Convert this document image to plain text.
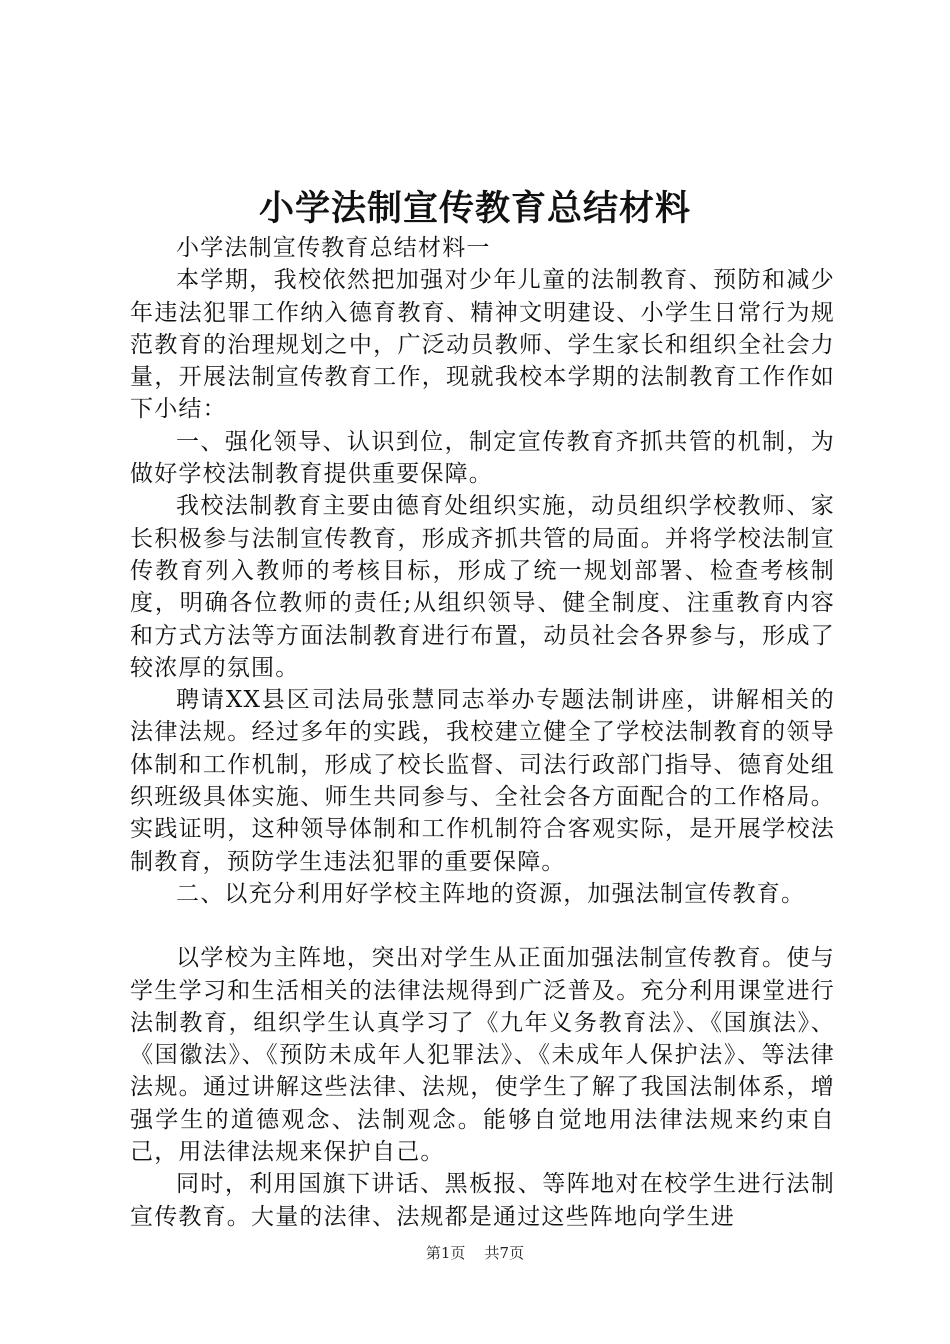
小学法制宣传教育总结材料

小学法制宣传教育总结材料一

本学期，我校依然把加强对少年儿童的法制教育、预防和减少年违法犯罪工作纳入德育教育、精神文明建设、小学生日常行为规范教育的治理规划之中，广泛动员教师、学生家长和组织全社会力量，开展法制宣传教育工作，现就我校本学期的法制教育工作作如下小结：

一、强化领导、认识到位，制定宣传教育齐抓共管的机制，为做好学校法制教育提供重要保障。

我校法制教育主要由德育处组织实施，动员组织学校教师、家长积极参与法制宣传教育，形成齐抓共管的局面。并将学校法制宣传教育列入教师的考核目标，形成了统一规划部署、检查考核制度，明确各位教师的责任;从组织领导、健全制度、注重教育内容和方式方法等方面法制教育进行布置，动员社会各界参与，形成了较浓厚的氛围。

聘请XX县区司法局张慧同志举办专题法制讲座，讲解相关的法律法规。经过多年的实践，我校建立健全了学校法制教育的领导体制和工作机制，形成了校长监督、司法行政部门指导、德育处组织班级具体实施、师生共同参与、全社会各方面配合的工作格局。实践证明，这种领导体制和工作机制符合客观实际，是开展学校法制教育，预防学生违法犯罪的重要保障。

二、以充分利用好学校主阵地的资源，加强法制宣传教育。

以学校为主阵地，突出对学生从正面加强法制宣传教育。使与学生学习和生活相关的法律法规得到广泛普及。充分利用课堂进行法制教育，组织学生认真学习了《九年义务教育法》、《国旗法》、《国徽法》、《预防未成年人犯罪法》、《未成年人保护法》、等法律法规。通过讲解这些法律、法规，使学生了解了我国法制体系，增强学生的道德观念、法制观念。能够自觉地用法律法规来约束自己，用法律法规来保护自己。

同时，利用国旗下讲话、黑板报、等阵地对在校学生进行法制宣传教育。大量的法律、法规都是通过这些阵地向学生进

第1页 共7页
